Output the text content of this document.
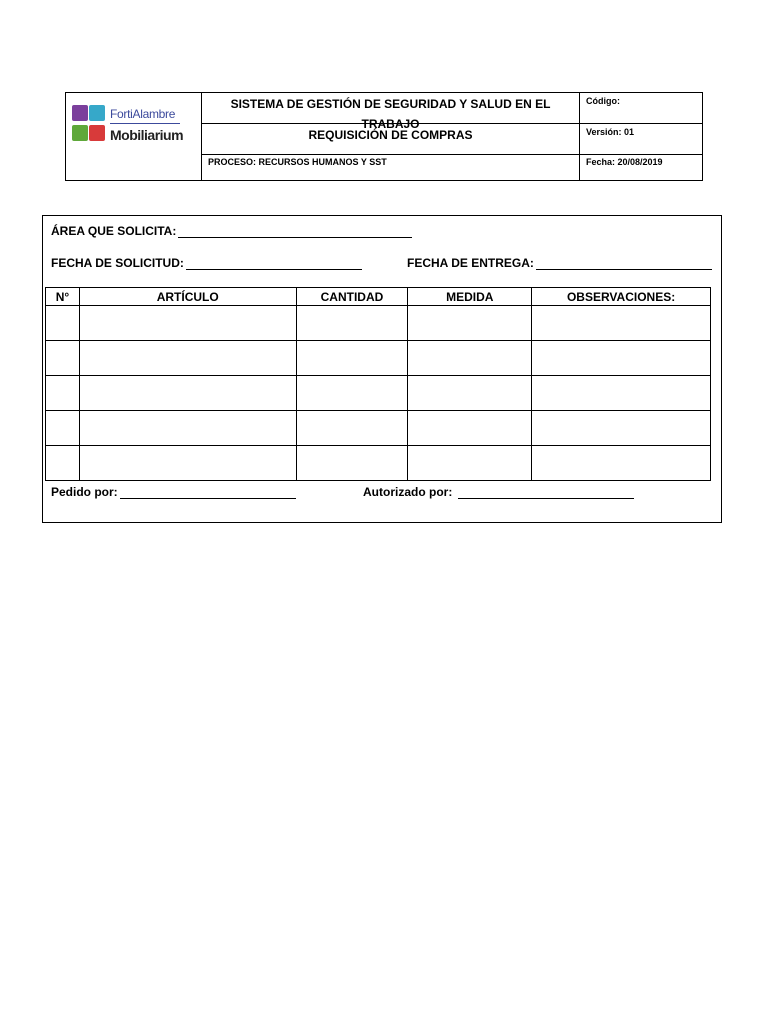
FortiAlambre
Mobiliarium
SISTEMA DE GESTIÓN DE SEGURIDAD Y SALUD EN EL TRABAJO
REQUISICIÓN DE COMPRAS
PROCESO: RECURSOS HUMANOS Y SST
Código:
Versión: 01
Fecha: 20/08/2019
ÁREA QUE SOLICITA:
FECHA DE SOLICITUD:	FECHA DE ENTREGA:
N°	ARTÍCULO	CANTIDAD	MEDIDA	OBSERVACIONES:

Pedido por:	Autorizado por:
